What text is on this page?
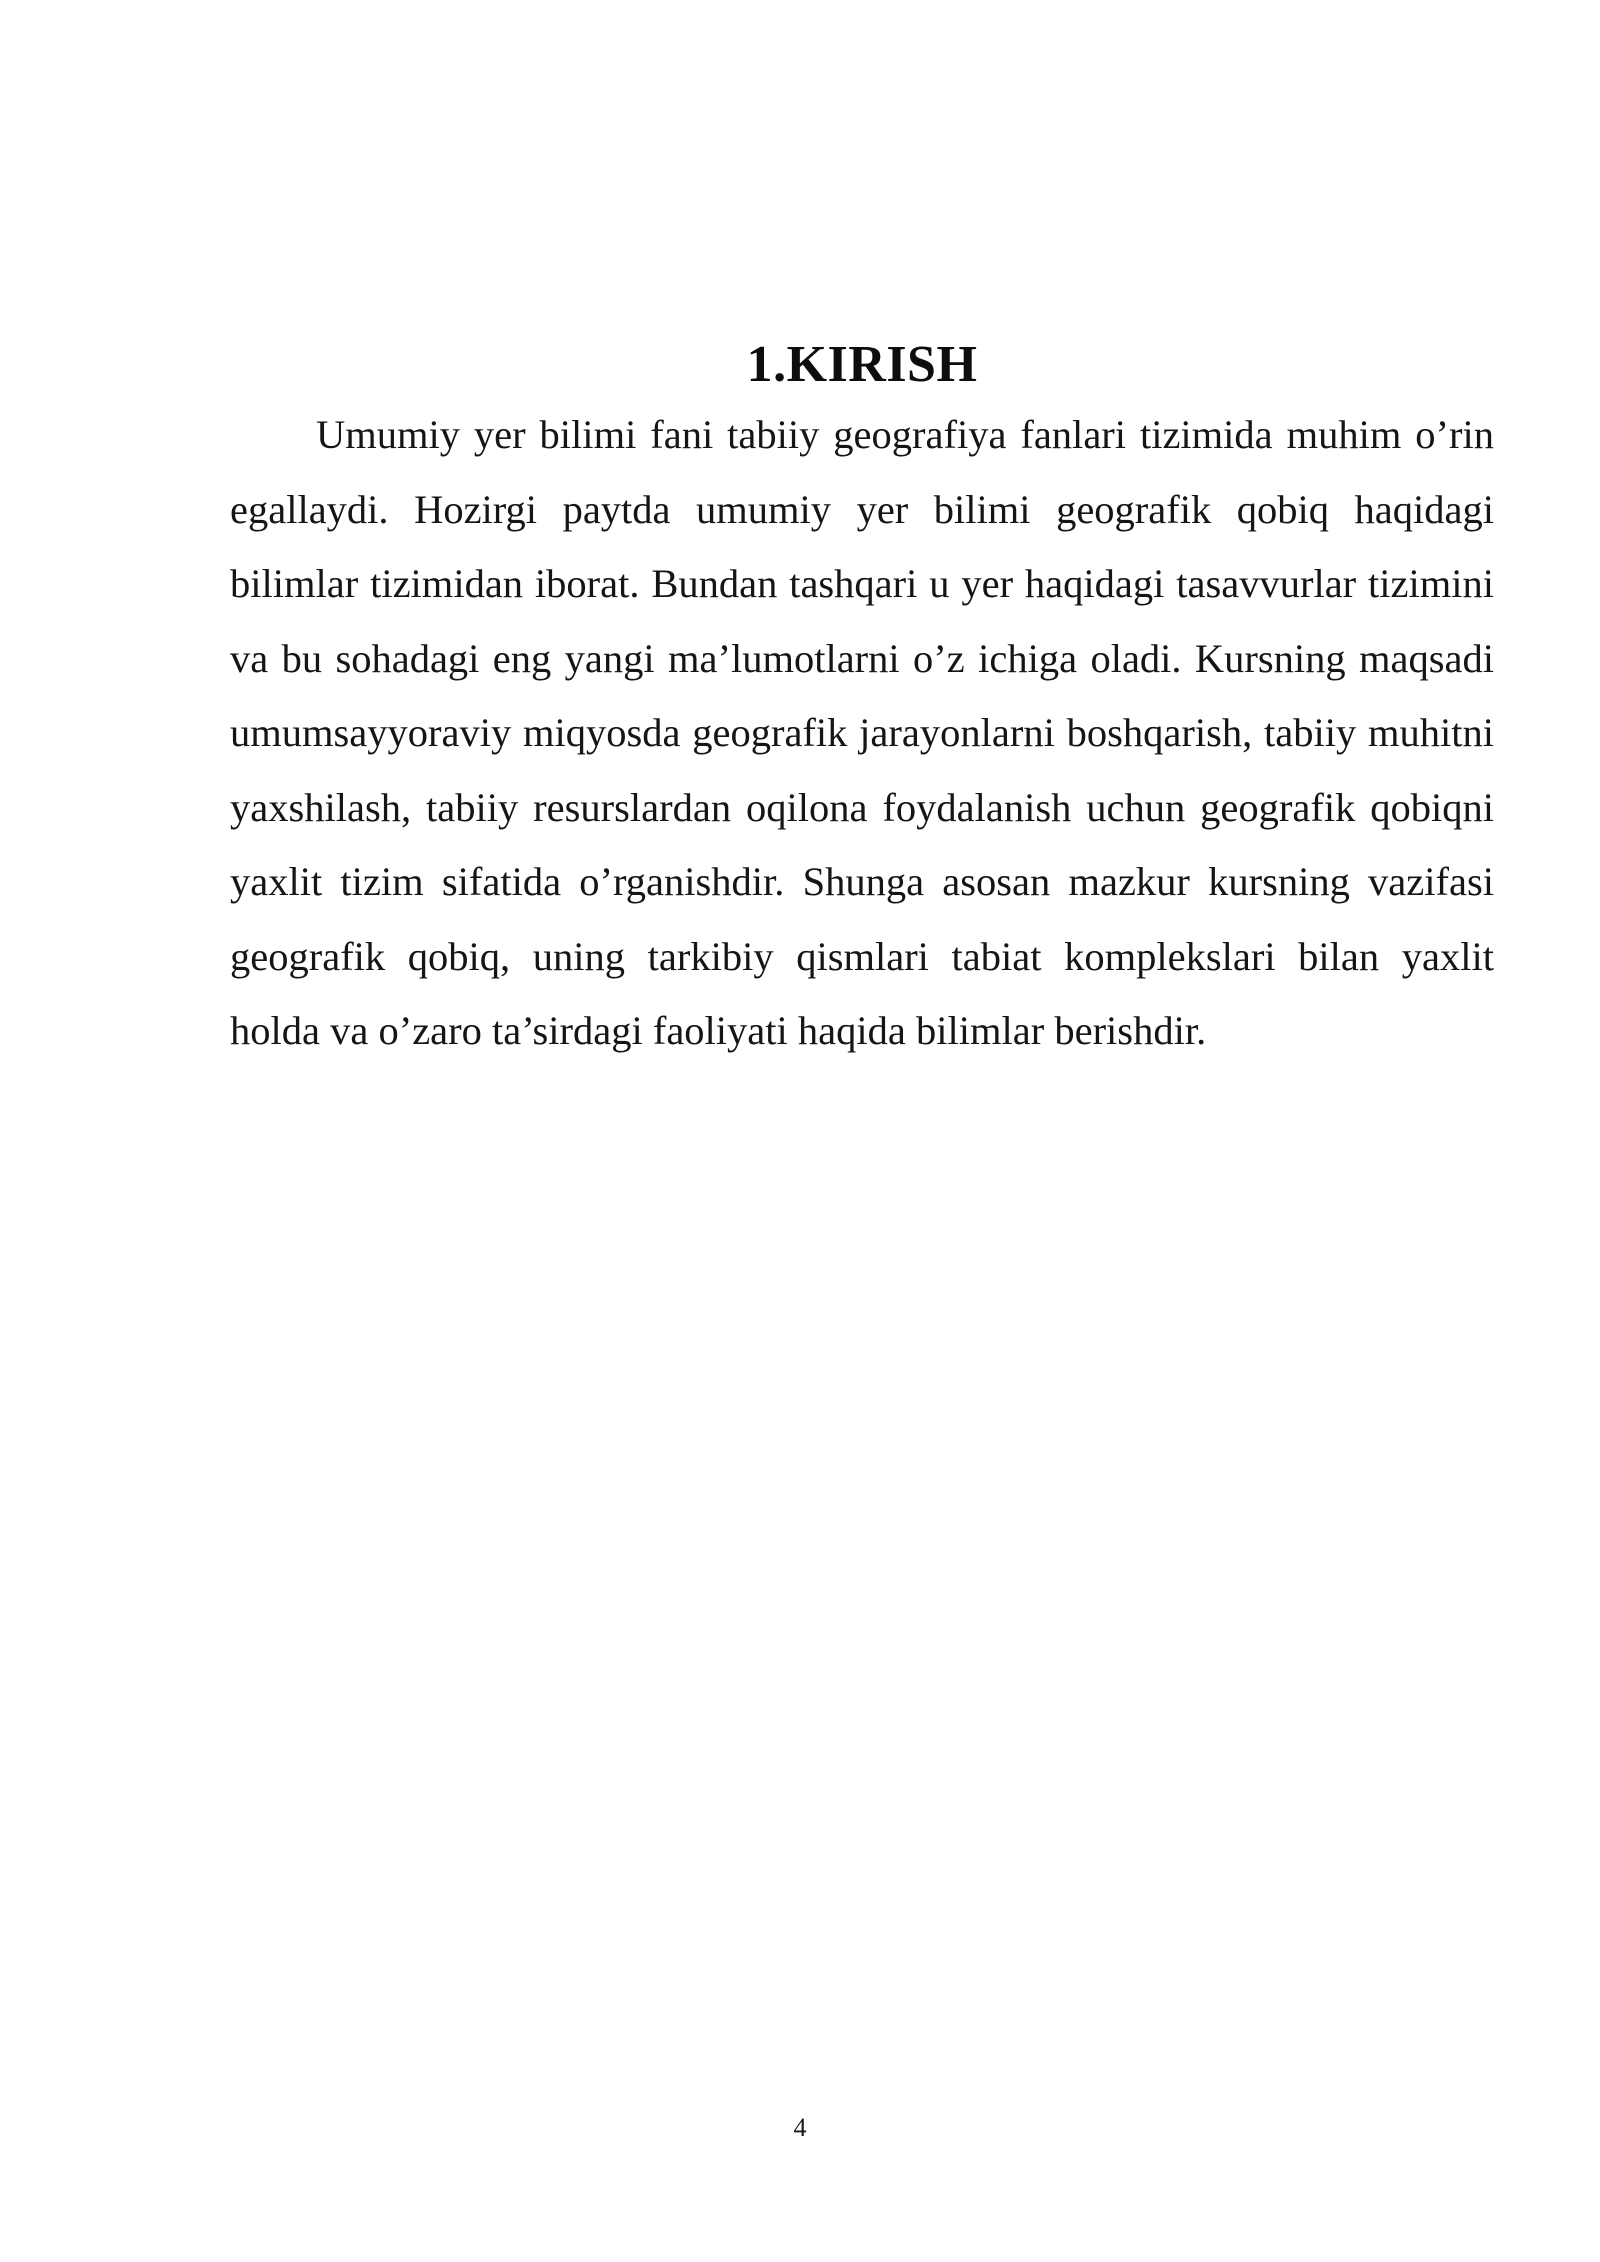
1.KIRISH

Umumiy yer bilimi fani tabiiy geografiya fanlari tizimida muhim o’rin egallaydi. Hozirgi paytda umumiy yer bilimi geografik qobiq haqidagi bilimlar tizimidan iborat. Bundan tashqari u yer haqidagi tasavvurlar tizimini va bu sohadagi eng yangi ma’lumotlarni o’z ichiga oladi. Kursning maqsadi umumsayyoraviy miqyosda geografik jarayonlarni boshqarish, tabiiy muhitni yaxshilash, tabiiy resurslardan oqilona foydalanish uchun geografik qobiqni yaxlit tizim sifatida o’rganishdir. Shunga asosan mazkur kursning vazifasi geografik qobiq, uning tarkibiy qismlari tabiat komplekslari bilan yaxlit holda va o’zaro ta’sirdagi faoliyati haqida bilimlar berishdir.

4
